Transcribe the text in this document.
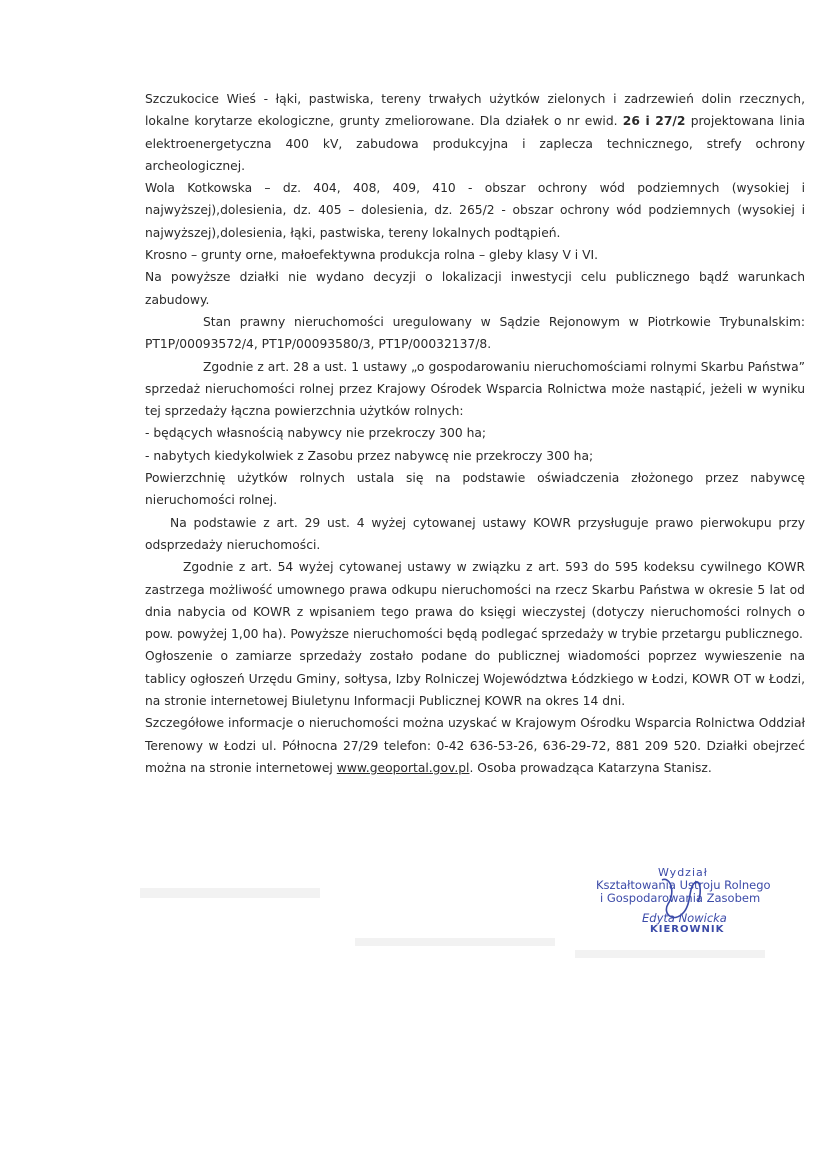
Szczukocice Wieś - łąki, pastwiska, tereny trwałych użytków zielonych i zadrzewień dolin rzecznych, lokalne korytarze ekologiczne, grunty zmeliorowane. Dla działek o nr ewid. 26 i 27/2 projektowana linia elektroenergetyczna 400 kV, zabudowa produkcyjna i zaplecza technicznego, strefy ochrony archeologicznej.

Wola Kotkowska – dz. 404, 408, 409, 410 - obszar ochrony wód podziemnych (wysokiej i najwyższej),dolesienia, dz. 405 – dolesienia, dz. 265/2 - obszar ochrony wód podziemnych (wysokiej i najwyższej),dolesienia, łąki, pastwiska, tereny lokalnych podtąpień.

Krosno – grunty orne, małoefektywna produkcja rolna – gleby klasy V i VI.

Na powyższe działki nie wydano decyzji o lokalizacji inwestycji celu publicznego bądź warunkach zabudowy.

Stan prawny nieruchomości uregulowany w Sądzie Rejonowym w Piotrkowie Trybunalskim: PT1P/00093572/4, PT1P/00093580/3, PT1P/00032137/8.

Zgodnie z art. 28 a ust. 1 ustawy „o gospodarowaniu nieruchomościami rolnymi Skarbu Państwa” sprzedaż nieruchomości rolnej przez Krajowy Ośrodek Wsparcia Rolnictwa może nastąpić, jeżeli w wyniku tej sprzedaży łączna powierzchnia użytków rolnych:

- będących własnością nabywcy nie przekroczy 300 ha;

- nabytych kiedykolwiek z Zasobu przez nabywcę nie przekroczy 300 ha;

Powierzchnię użytków rolnych ustala się na podstawie oświadczenia złożonego przez nabywcę nieruchomości rolnej.

Na podstawie z art. 29 ust. 4 wyżej cytowanej ustawy KOWR przysługuje prawo pierwokupu przy odsprzedaży nieruchomości.

Zgodnie z art. 54 wyżej cytowanej ustawy w związku z art. 593 do 595 kodeksu cywilnego KOWR zastrzega możliwość umownego prawa odkupu nieruchomości na rzecz Skarbu Państwa w okresie 5 lat od dnia nabycia od KOWR z wpisaniem tego prawa do księgi wieczystej (dotyczy nieruchomości rolnych o pow. powyżej 1,00 ha). Powyższe nieruchomości będą podlegać sprzedaży w trybie przetargu publicznego.

Ogłoszenie o zamiarze sprzedaży zostało podane do publicznej wiadomości poprzez wywieszenie na tablicy ogłoszeń Urzędu Gminy, sołtysa, Izby Rolniczej Województwa Łódzkiego w Łodzi, KOWR OT w Łodzi, na stronie internetowej Biuletynu Informacji Publicznej KOWR na okres 14 dni.

Szczegółowe informacje o nieruchomości można uzyskać w Krajowym Ośrodku Wsparcia Rolnictwa Oddział Terenowy w Łodzi ul. Północna 27/29 telefon: 0-42 636-53-26, 636-29-72, 881 209 520. Działki obejrzeć można na stronie internetowej www.geoportal.gov.pl. Osoba prowadząca Katarzyna Stanisz.

Wydział
Kształtowania Ustroju Rolnego
i Gospodarowania Zasobem
Edyta Nowicka
KIEROWNIK
